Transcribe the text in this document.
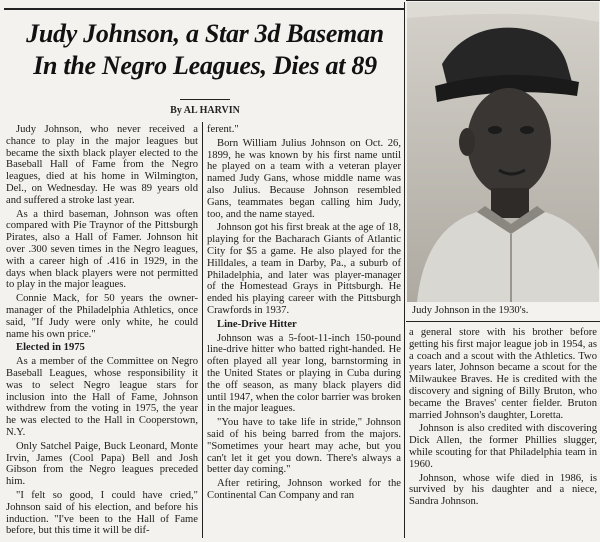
Judy Johnson, a Star 3d Baseman
In the Negro Leagues, Dies at 89
By AL HARVIN

Judy Johnson, who never received a chance to play in the major leagues but became the sixth black player elected to the Baseball Hall of Fame from the Negro leagues, died at his home in Wilmington, Del., on Wednesday. He was 89 years old and suffered a stroke last year.

As a third baseman, Johnson was often compared with Pie Traynor of the Pittsburgh Pirates, also a Hall of Famer. Johnson hit over .300 seven times in the Negro leagues, with a career high of .416 in 1929, in the days when black players were not permitted to play in the major leagues.

Connie Mack, for 50 years the owner-manager of the Philadelphia Athletics, once said, "If Judy were only white, he could name his own price."

Elected in 1975

As a member of the Committee on Negro Baseball Leagues, whose responsibility it was to select Negro league stars for inclusion into the Hall of Fame, Johnson withdrew from the voting in 1975, the year he was elected to the Hall in Cooperstown, N.Y.

Only Satchel Paige, Buck Leonard, Monte Irvin, James (Cool Papa) Bell and Josh Gibson from the Negro leagues preceded him.

"I felt so good, I could have cried," Johnson said of his election, and before his induction. "I've been to the Hall of Fame before, but this time it will be dif-

ferent."

Born William Julius Johnson on Oct. 26, 1899, he was known by his first name until he played on a team with a veteran player named Judy Gans, whose middle name was also Julius. Because Johnson resembled Gans, teammates began calling him Judy, too, and the name stayed.

Johnson got his first break at the age of 18, playing for the Bacharach Giants of Atlantic City for $5 a game. He also played for the Hilldales, a team in Darby, Pa., a suburb of Philadelphia, and later was player-manager of the Homestead Grays in Pittsburgh. He ended his playing career with the Pittsburgh Crawfords in 1937.

Line-Drive Hitter

Johnson was a 5-foot-11-inch 150-pound line-drive hitter who batted right-handed. He often played all year long, barnstorming in the United States or playing in Cuba during the off season, as many black players did until 1947, when the color barrier was broken in the major leagues.

"You have to take life in stride," Johnson said of his being barred from the majors. "Sometimes your heart may ache, but you can't let it get you down. There's always a better day coming."

After retiring, Johnson worked for the Continental Can Company and ran

Judy Johnson in the 1930's.

a general store with his brother before getting his first major league job in 1954, as a coach and a scout with the Athletics. Two years later, Johnson became a scout for the Milwaukee Braves. He is credited with the discovery and signing of Billy Bruton, who became the Braves' center fielder. Bruton married Johnson's daughter, Loretta.

Johnson is also credited with discovering Dick Allen, the former Phillies slugger, while scouting for that Philadelphia team in 1960.

Johnson, whose wife died in 1986, is survived by his daughter and a niece, Sandra Johnson.
